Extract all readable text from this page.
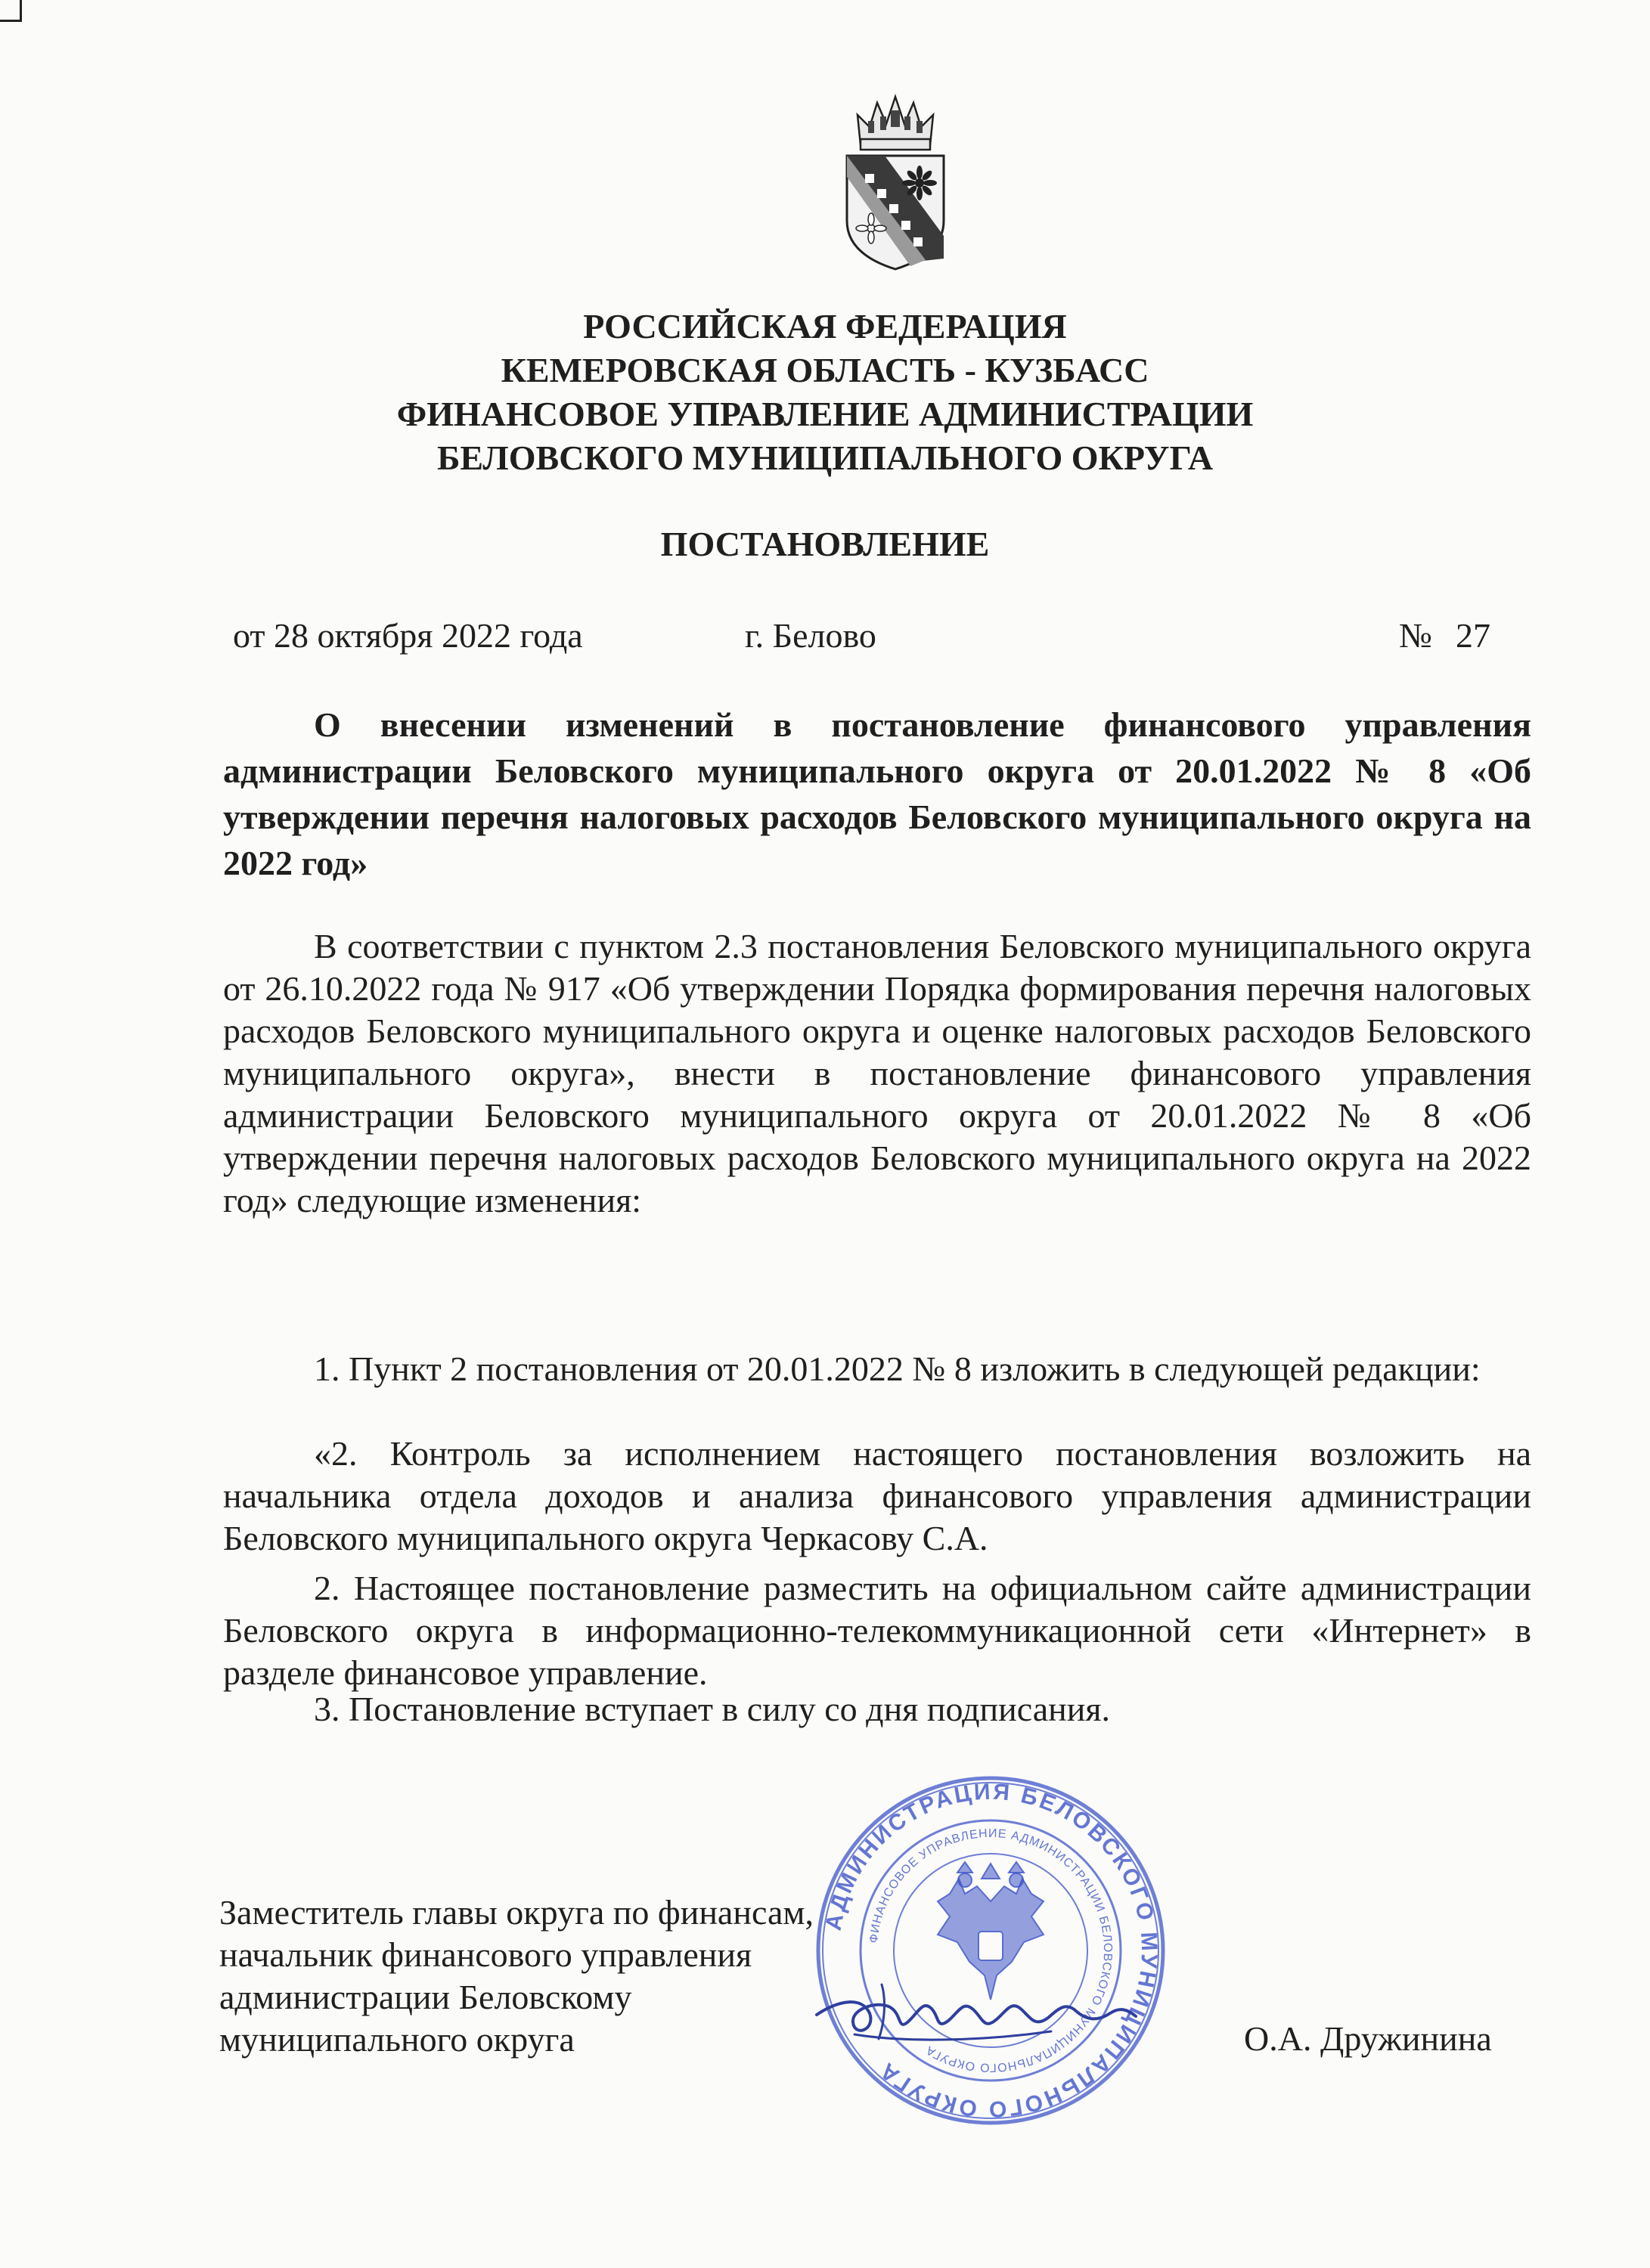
РОССИЙСКАЯ ФЕДЕРАЦИЯ
КЕМЕРОВСКАЯ ОБЛАСТЬ - КУЗБАСС
ФИНАНСОВОЕ УПРАВЛЕНИЕ АДМИНИСТРАЦИИ
БЕЛОВСКОГО МУНИЦИПАЛЬНОГО ОКРУГА
ПОСТАНОВЛЕНИЕ
от 28 октября 2022 года	г. Белово	№ 27
О внесении изменений в постановление финансового управления администрации Беловского муниципального округа от 20.01.2022 № 8 «Об утверждении перечня налоговых расходов Беловского муниципального округа на 2022 год»
В соответствии с пунктом 2.3 постановления Беловского муниципального округа от 26.10.2022 года № 917 «Об утверждении Порядка формирования перечня налоговых расходов Беловского муниципального округа и оценке налоговых расходов Беловского муниципального округа», внести в постановление финансового управления администрации Беловского муниципального округа от 20.01.2022 № 8 «Об утверждении перечня налоговых расходов Беловского муниципального округа на 2022 год» следующие изменения:
1. Пункт 2 постановления от 20.01.2022 № 8 изложить в следующей редакции:
«2. Контроль за исполнением настоящего постановления возложить на начальника отдела доходов и анализа финансового управления администрации Беловского муниципального округа Черкасову С.А.
2. Настоящее постановление разместить на официальном сайте администрации Беловского округа в информационно-телекоммуникационной сети «Интернет» в разделе финансовое управление.
3. Постановление вступает в силу со дня подписания.
Заместитель главы округа по финансам,
начальник финансового управления
администрации Беловскому
муниципального округа	О.А. Дружинина
АДМИНИСТРАЦИЯ БЕЛОВСКОГО МУНИЦИПАЛЬНОГО ОКРУГА
ФИНАНСОВОЕ УПРАВЛЕНИЕ АДМИНИСТРАЦИИ БЕЛОВСКОГО МУНИЦИПАЛЬНОГО ОКРУГА
